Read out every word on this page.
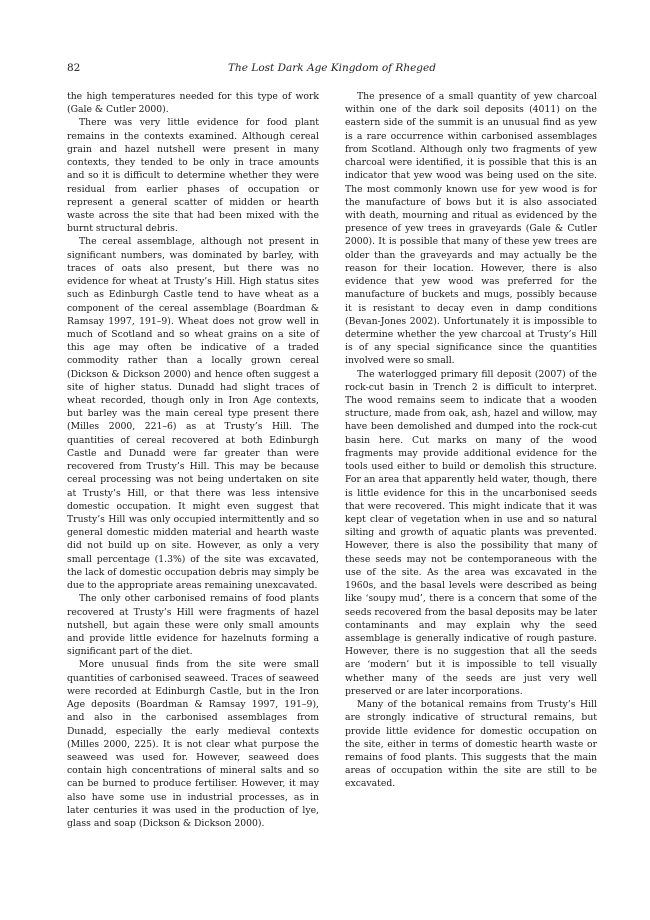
82	The Lost Dark Age Kingdom of Rheged

the high temperatures needed for this type of work (Gale & Cutler 2000).

There was very little evidence for food plant remains in the contexts examined. Although cereal grain and hazel nutshell were present in many contexts, they tended to be only in trace amounts and so it is difficult to determine whether they were residual from earlier phases of occupation or represent a general scatter of midden or hearth waste across the site that had been mixed with the burnt structural debris.

The cereal assemblage, although not present in significant numbers, was dominated by barley, with traces of oats also present, but there was no evidence for wheat at Trusty’s Hill. High status sites such as Edinburgh Castle tend to have wheat as a component of the cereal assemblage (Boardman & Ramsay 1997, 191–9). Wheat does not grow well in much of Scotland and so wheat grains on a site of this age may often be indicative of a traded commodity rather than a locally grown cereal (Dickson & Dickson 2000) and hence often suggest a site of higher status. Dunadd had slight traces of wheat recorded, though only in Iron Age contexts, but barley was the main cereal type present there (Milles 2000, 221–6) as at Trusty’s Hill. The quantities of cereal recovered at both Edinburgh Castle and Dunadd were far greater than were recovered from Trusty’s Hill. This may be because cereal processing was not being undertaken on site at Trusty’s Hill, or that there was less intensive domestic occupation. It might even suggest that Trusty’s Hill was only occupied intermittently and so general domestic midden material and hearth waste did not build up on site. However, as only a very small percentage (1.3%) of the site was excavated, the lack of domestic occupation debris may simply be due to the appropriate areas remaining unexcavated.

The only other carbonised remains of food plants recovered at Trusty’s Hill were fragments of hazel nutshell, but again these were only small amounts and provide little evidence for hazelnuts forming a significant part of the diet.

More unusual finds from the site were small quantities of carbonised seaweed. Traces of seaweed were recorded at Edinburgh Castle, but in the Iron Age deposits (Boardman & Ramsay 1997, 191–9), and also in the carbonised assemblages from Dunadd, especially the early medieval contexts (Milles 2000, 225). It is not clear what purpose the seaweed was used for. However, seaweed does contain high concentrations of mineral salts and so can be burned to produce fertiliser. However, it may also have some use in industrial processes, as in later centuries it was used in the production of lye, glass and soap (Dickson & Dickson 2000).

The presence of a small quantity of yew charcoal within one of the dark soil deposits (4011) on the eastern side of the summit is an unusual find as yew is a rare occurrence within carbonised assemblages from Scotland. Although only two fragments of yew charcoal were identified, it is possible that this is an indicator that yew wood was being used on the site. The most commonly known use for yew wood is for the manufacture of bows but it is also associated with death, mourning and ritual as evidenced by the presence of yew trees in graveyards (Gale & Cutler 2000). It is possible that many of these yew trees are older than the graveyards and may actually be the reason for their location. However, there is also evidence that yew wood was preferred for the manufacture of buckets and mugs, possibly because it is resistant to decay even in damp conditions (Bevan-Jones 2002). Unfortunately it is impossible to determine whether the yew charcoal at Trusty’s Hill is of any special significance since the quantities involved were so small.

The waterlogged primary fill deposit (2007) of the rock-cut basin in Trench 2 is difficult to interpret. The wood remains seem to indicate that a wooden structure, made from oak, ash, hazel and willow, may have been demolished and dumped into the rock-cut basin here. Cut marks on many of the wood fragments may provide additional evidence for the tools used either to build or demolish this structure. For an area that apparently held water, though, there is little evidence for this in the uncarbonised seeds that were recovered. This might indicate that it was kept clear of vegetation when in use and so natural silting and growth of aquatic plants was prevented. However, there is also the possibility that many of these seeds may not be contemporaneous with the use of the site. As the area was excavated in the 1960s, and the basal levels were described as being like ‘soupy mud’, there is a concern that some of the seeds recovered from the basal deposits may be later contaminants and may explain why the seed assemblage is generally indicative of rough pasture. However, there is no suggestion that all the seeds are ‘modern’ but it is impossible to tell visually whether many of the seeds are just very well preserved or are later incorporations.

Many of the botanical remains from Trusty’s Hill are strongly indicative of structural remains, but provide little evidence for domestic occupation on the site, either in terms of domestic hearth waste or remains of food plants. This suggests that the main areas of occupation within the site are still to be excavated.
